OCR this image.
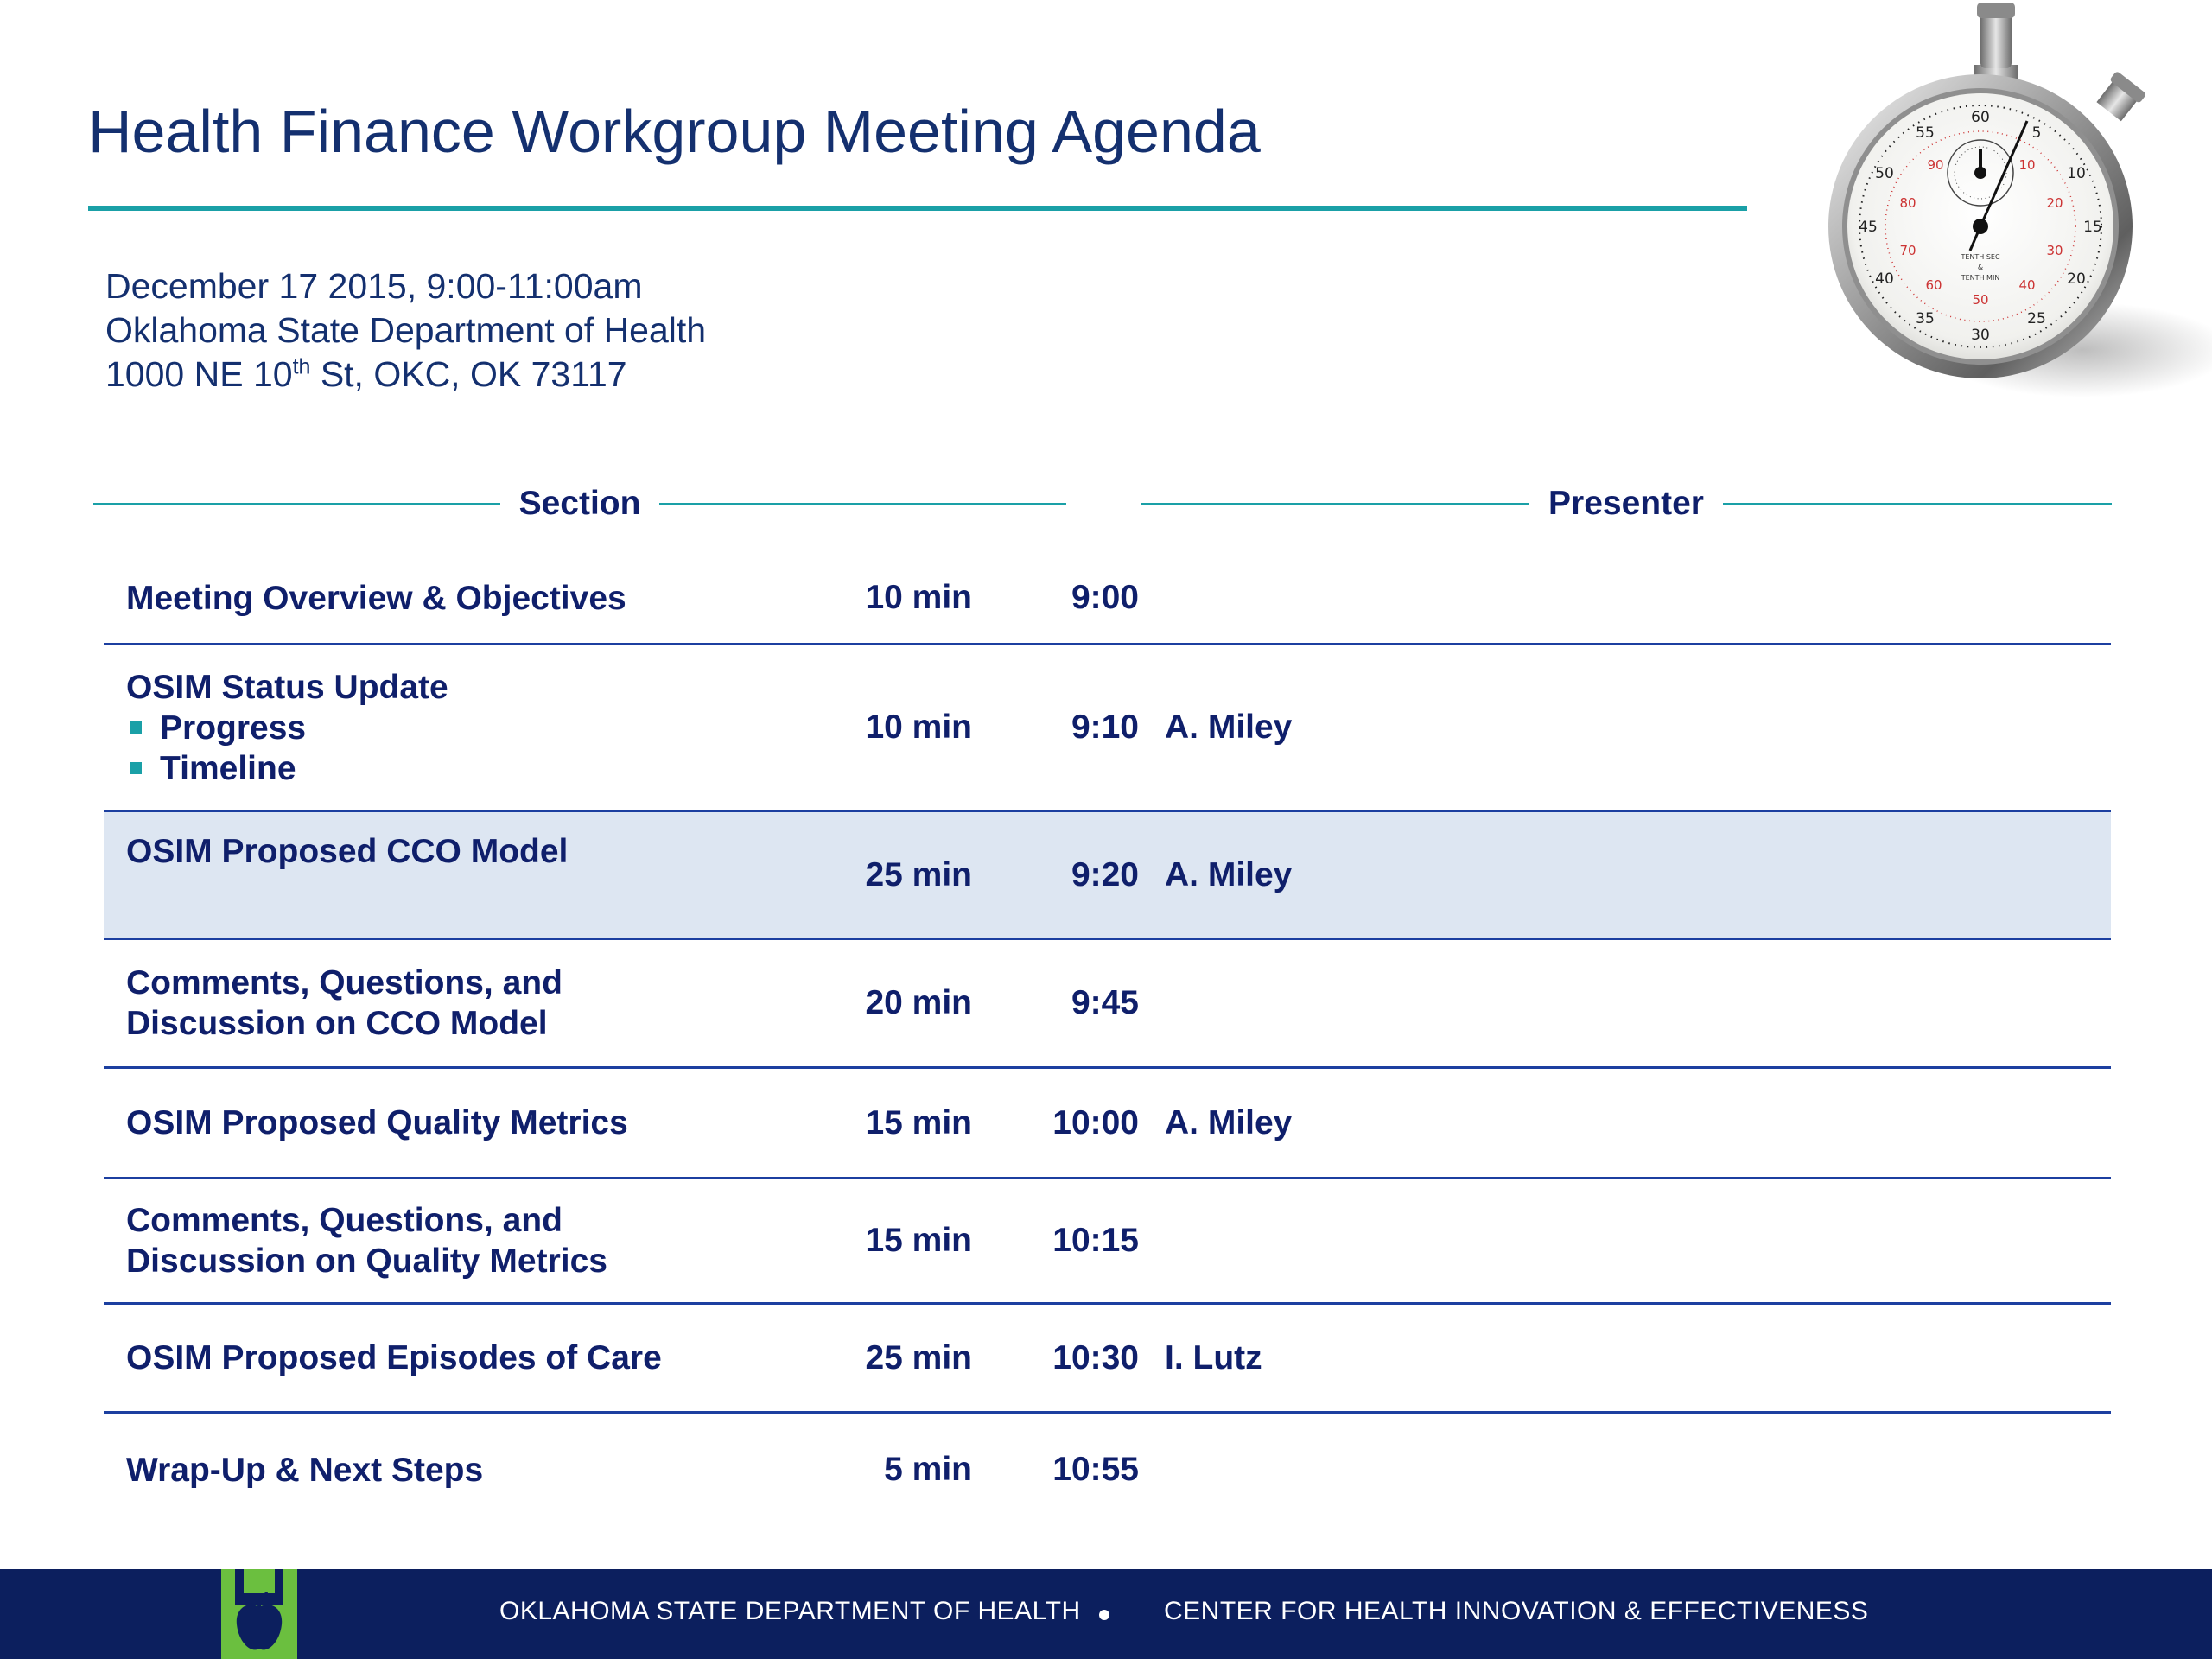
Health Finance Workgroup Meeting Agenda
December 17 2015, 9:00-11:00am
Oklahoma State Department of Health
1000 NE 10th St, OKC, OK 73117
60
5
10
15
20
25
30
35
40
45
50
55
10
20
30
40
50
60
70
80
90
TENTH SEC
&
TENTH MIN
Section	Presenter
Meeting Overview & Objectives	10 min	9:00
OSIM Status Update
Progress
Timeline
10 min	9:10 A. Miley
OSIM Proposed CCO Model
25 min	9:20 A. Miley
Comments, Questions, and
Discussion on CCO Model
20 min	9:45
OSIM Proposed Quality Metrics	15 min	10:00 A. Miley
Comments, Questions, and
Discussion on Quality Metrics
15 min	10:15
OSIM Proposed Episodes of Care	25 min	10:30 I. Lutz
Wrap-Up & Next Steps	5 min	10:55
OKLAHOMA STATE DEPARTMENT OF HEALTH	CENTER FOR HEALTH INNOVATION & EFFECTIVENESS
